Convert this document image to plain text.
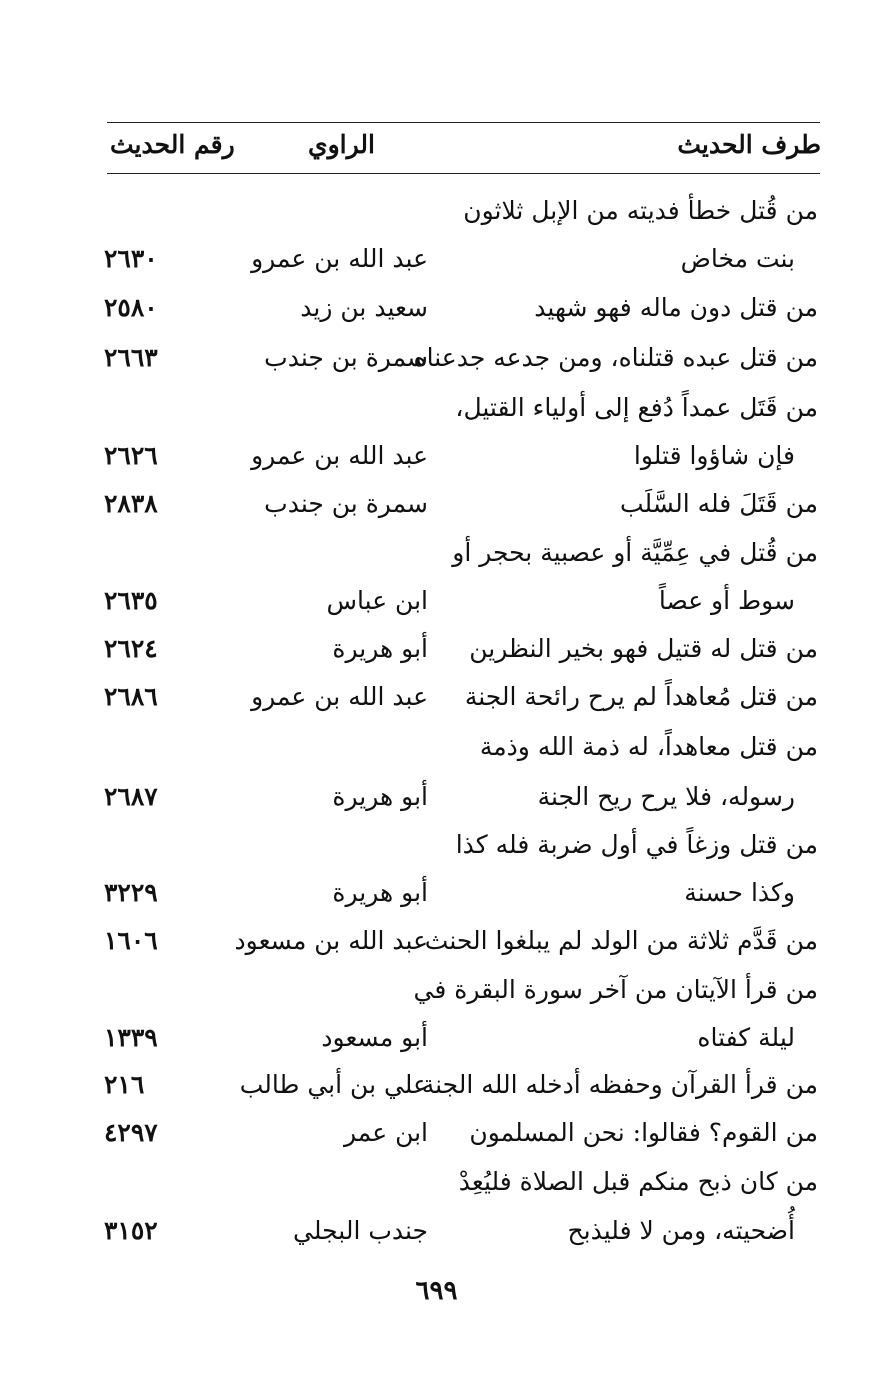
طرف الحديث
الراوي
رقم الحديث
من قُتل خطأ فديته من الإبل ثلاثون
بنت مخاض
عبد الله بن عمرو
٢٦٣٠
من قتل دون ماله فهو شهيد
سعيد بن زيد
٢٥٨٠
من قتل عبده قتلناه، ومن جدعه جدعناه
سمرة بن جندب
٢٦٦٣
من قَتَل عمداً دُفع إلى أولياء القتيل،
فإن شاؤوا قتلوا
عبد الله بن عمرو
٢٦٢٦
من قَتَلَ فله السَّلَب
سمرة بن جندب
٢٨٣٨
من قُتل في عِمِّيَّة أو عصبية بحجر أو
سوط أو عصاً
ابن عباس
٢٦٣٥
من قتل له قتيل فهو بخير النظرين
أبو هريرة
٢٦٢٤
من قتل مُعاهداً لم يرح رائحة الجنة
عبد الله بن عمرو
٢٦٨٦
من قتل معاهداً، له ذمة الله وذمة
رسوله، فلا يرح ريح الجنة
أبو هريرة
٢٦٨٧
من قتل وزغاً في أول ضربة فله كذا
وكذا حسنة
أبو هريرة
٣٢٢٩
من قَدَّم ثلاثة من الولد لم يبلغوا الحنث
عبد الله بن مسعود
١٦٠٦
من قرأ الآيتان من آخر سورة البقرة في
ليلة كفتاه
أبو مسعود
١٣٣٩
من قرأ القرآن وحفظه أدخله الله الجنة
علي بن أبي طالب
٢١٦
من القوم؟ فقالوا: نحن المسلمون
ابن عمر
٤٢٩٧
من كان ذبح منكم قبل الصلاة فليُعِدْ
أُضحيته، ومن لا فليذبح
جندب البجلي
٣١٥٢
٦٩٩
